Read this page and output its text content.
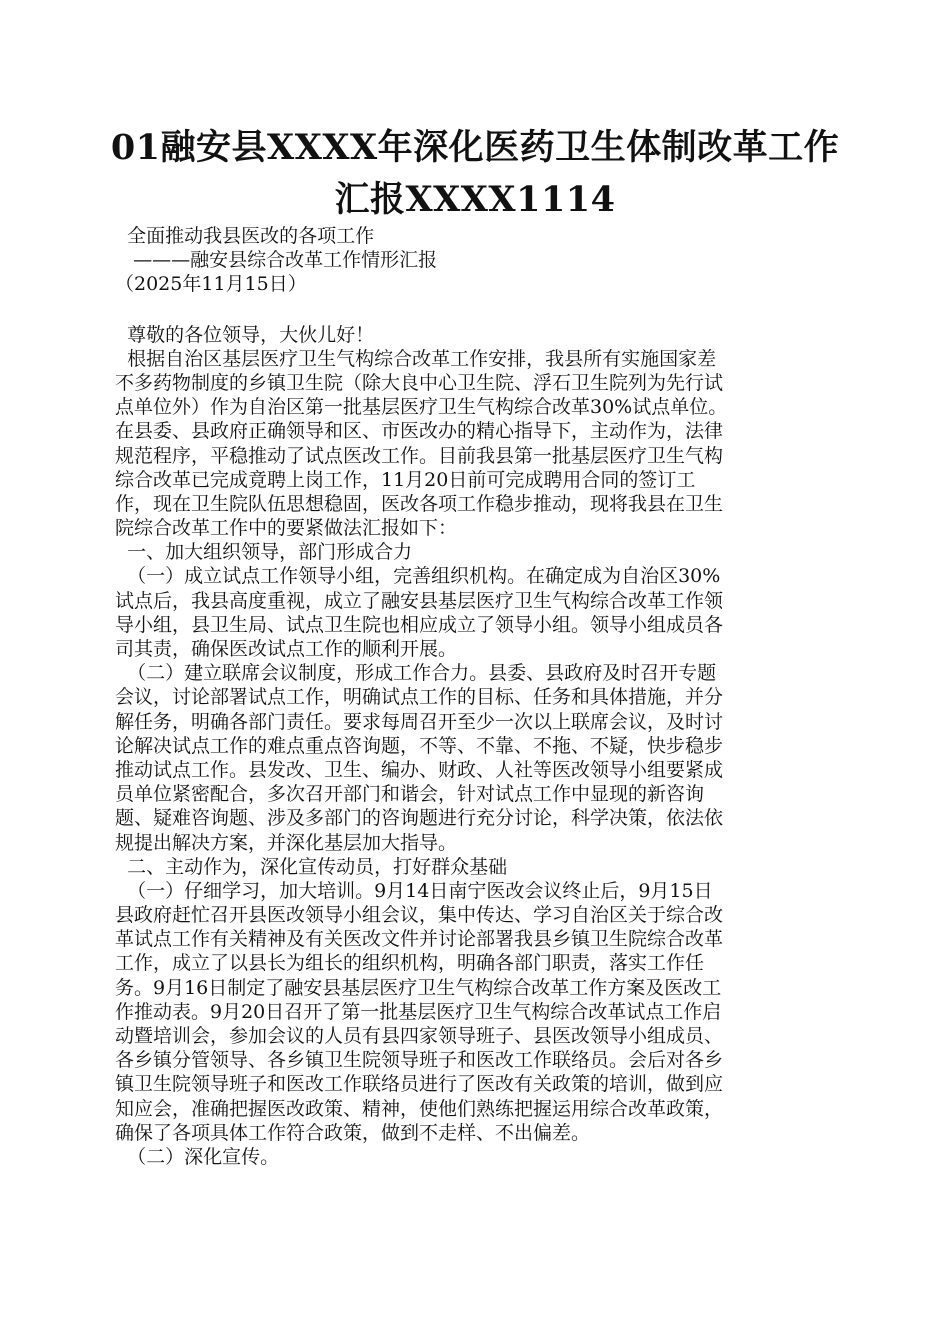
01融安县XXXX年深化医药卫生体制改革工作
汇报XXXX1114
全面推动我县医改的各项工作
———融安县综合改革工作情形汇报
（2025年11月15日）
尊敬的各位领导，大伙儿好！
根据自治区基层医疗卫生气构综合改革工作安排，我县所有实施国家差
不多药物制度的乡镇卫生院（除大良中心卫生院、浮石卫生院列为先行试
点单位外）作为自治区第一批基层医疗卫生气构综合改革30%试点单位。
在县委、县政府正确领导和区、市医改办的精心指导下，主动作为，法律
规范程序，平稳推动了试点医改工作。目前我县第一批基层医疗卫生气构
综合改革已完成竟聘上岗工作，11月20日前可完成聘用合同的签订工
作，现在卫生院队伍思想稳固，医改各项工作稳步推动，现将我县在卫生
院综合改革工作中的要紧做法汇报如下：
一、加大组织领导，部门形成合力
（一）成立试点工作领导小组，完善组织机构。在确定成为自治区30%
试点后，我县高度重视，成立了融安县基层医疗卫生气构综合改革工作领
导小组，县卫生局、试点卫生院也相应成立了领导小组。领导小组成员各
司其责，确保医改试点工作的顺利开展。
（二）建立联席会议制度，形成工作合力。县委、县政府及时召开专题
会议，讨论部署试点工作，明确试点工作的目标、任务和具体措施，并分
解任务，明确各部门责任。要求每周召开至少一次以上联席会议，及时讨
论解决试点工作的难点重点咨询题，不等、不靠、不拖、不疑，快步稳步
推动试点工作。县发改、卫生、编办、财政、人社等医改领导小组要紧成
员单位紧密配合，多次召开部门和谐会，针对试点工作中显现的新咨询
题、疑难咨询题、涉及多部门的咨询题进行充分讨论，科学决策，依法依
规提出解决方案，并深化基层加大指导。
二、主动作为，深化宣传动员，打好群众基础
（一）仔细学习，加大培训。9月14日南宁医改会议终止后，9月15日
县政府赶忙召开县医改领导小组会议，集中传达、学习自治区关于综合改
革试点工作有关精神及有关医改文件并讨论部署我县乡镇卫生院综合改革
工作，成立了以县长为组长的组织机构，明确各部门职责，落实工作任
务。9月16日制定了融安县基层医疗卫生气构综合改革工作方案及医改工
作推动表。9月20日召开了第一批基层医疗卫生气构综合改革试点工作启
动暨培训会，参加会议的人员有县四家领导班子、县医改领导小组成员、
各乡镇分管领导、各乡镇卫生院领导班子和医改工作联络员。会后对各乡
镇卫生院领导班子和医改工作联络员进行了医改有关政策的培训，做到应
知应会，准确把握医改政策、精神，使他们熟练把握运用综合改革政策，
确保了各项具体工作符合政策，做到不走样、不出偏差。
（二）深化宣传。
